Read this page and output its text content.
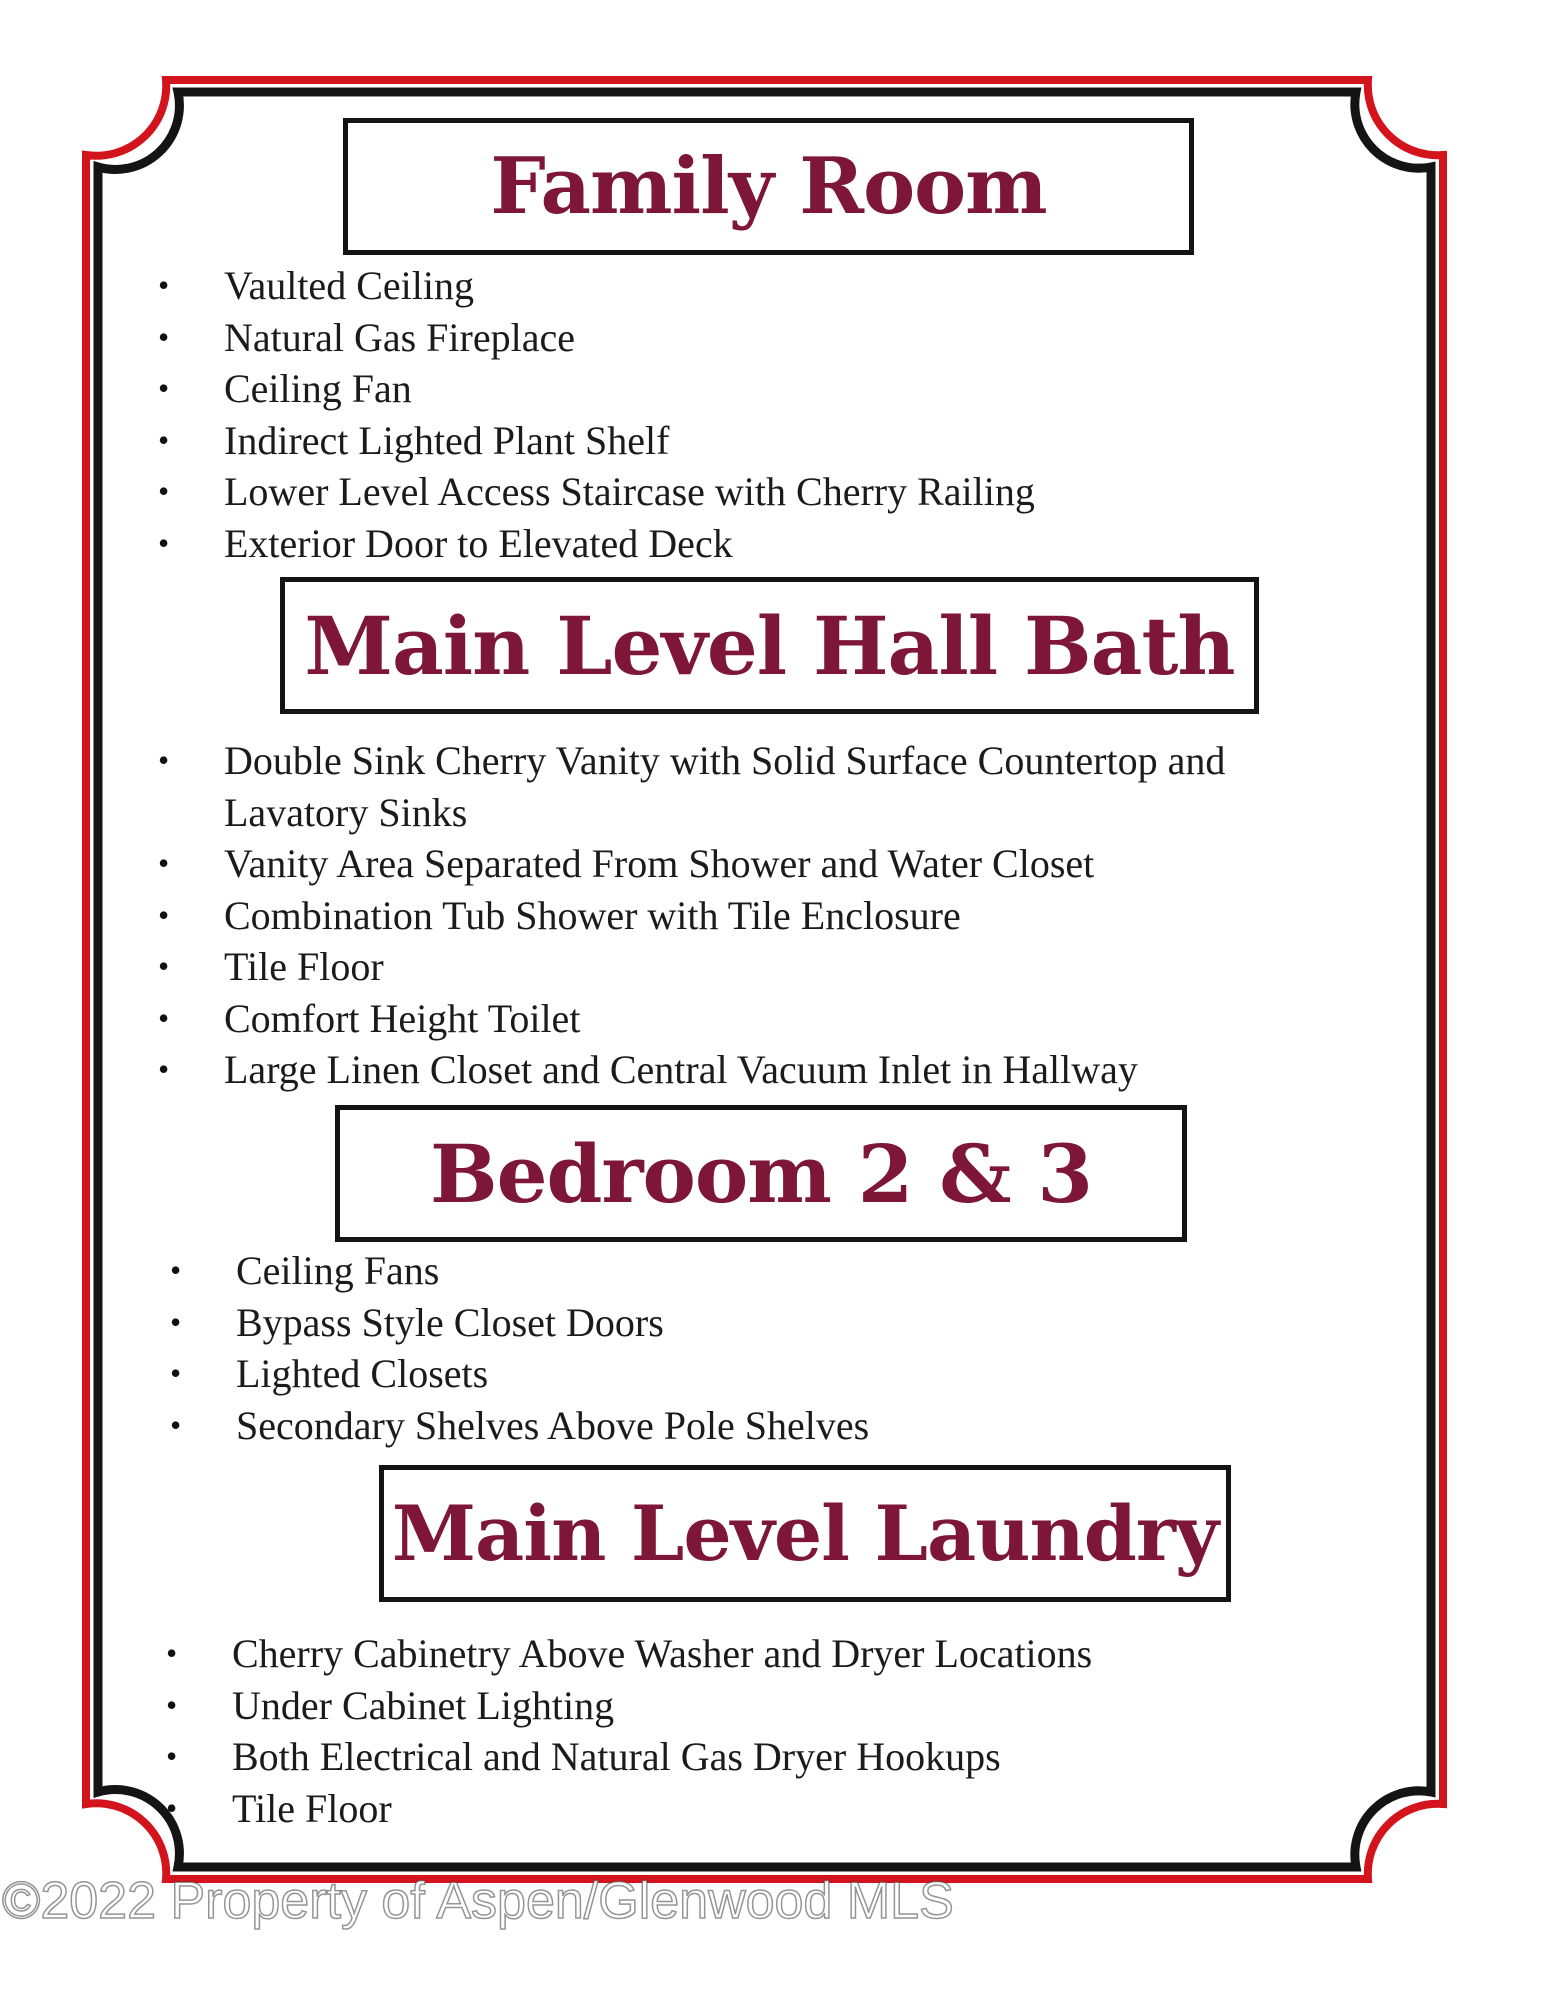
Family Room
• Vaulted Ceiling
• Natural Gas Fireplace
• Ceiling Fan
• Indirect Lighted Plant Shelf
• Lower Level Access Staircase with Cherry Railing
• Exterior Door to Elevated Deck
Main Level Hall Bath
• Double Sink Cherry Vanity with Solid Surface Countertop and Lavatory Sinks
• Vanity Area Separated From Shower and Water Closet
• Combination Tub Shower with Tile Enclosure
• Tile Floor
• Comfort Height Toilet
• Large Linen Closet and Central Vacuum Inlet in Hallway
Bedroom 2 & 3
• Ceiling Fans
• Bypass Style Closet Doors
• Lighted Closets
• Secondary Shelves Above Pole Shelves
Main Level Laundry
• Cherry Cabinetry Above Washer and Dryer Locations
• Under Cabinet Lighting
• Both Electrical and Natural Gas Dryer Hookups
• Tile Floor
©2022 Property of Aspen/Glenwood MLS
